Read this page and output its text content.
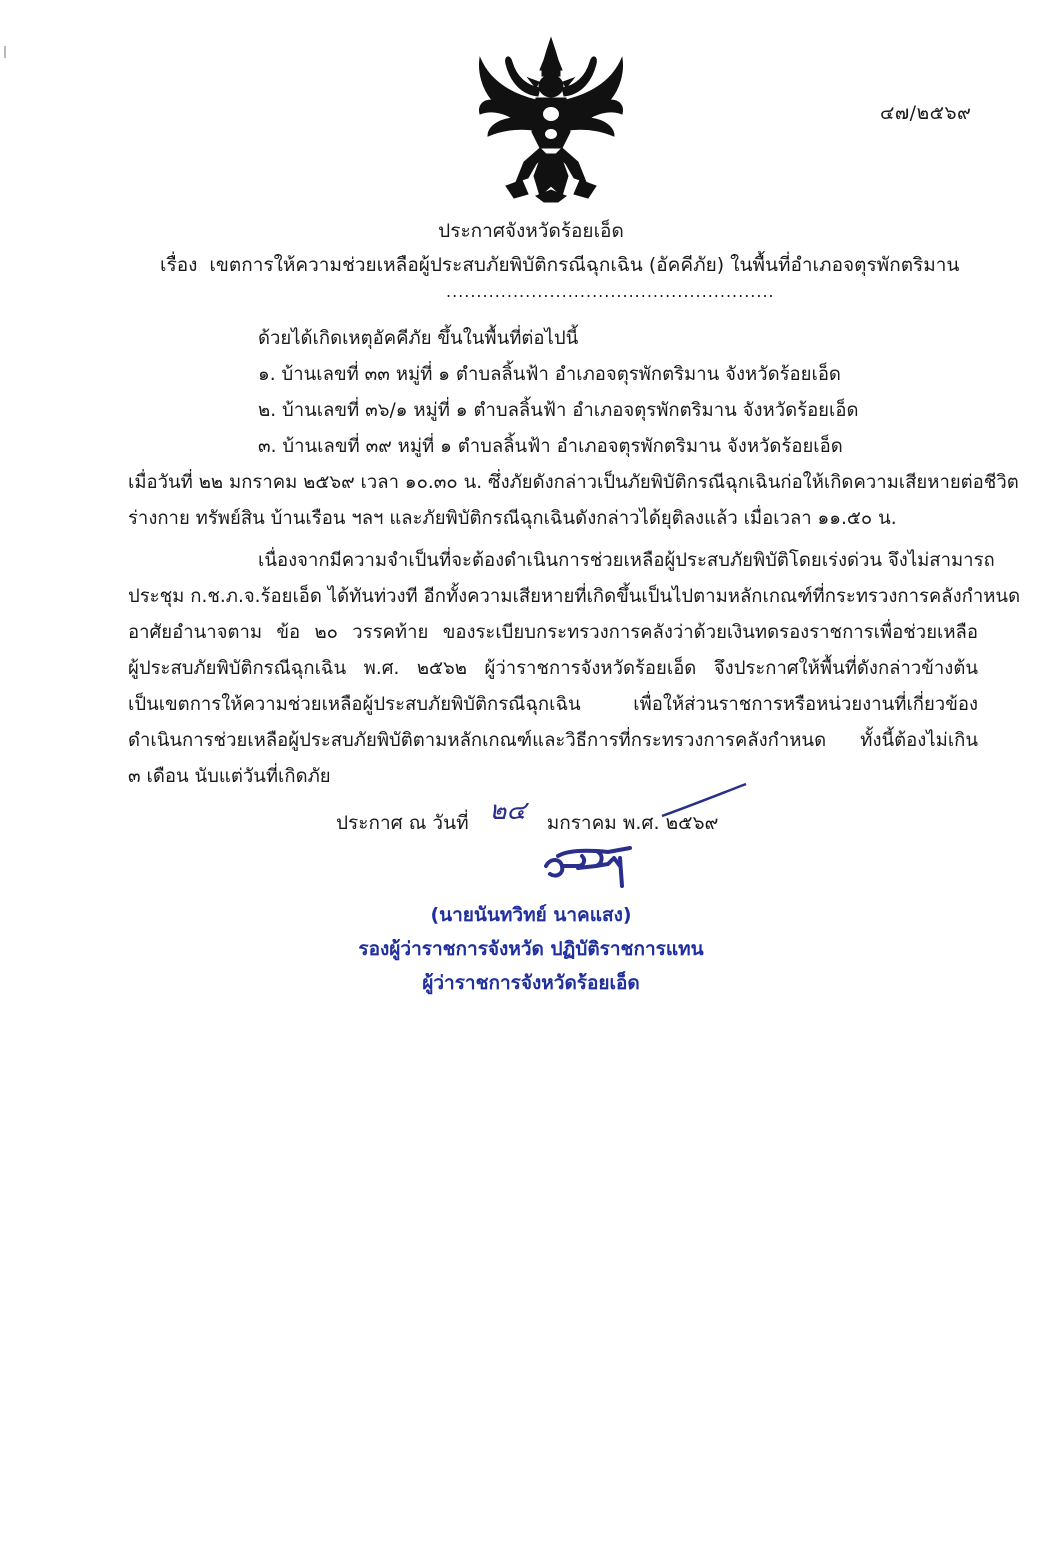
๔๗/๒๕๖๙
ประกาศจังหวัดร้อยเอ็ด
เรื่อง เขตการให้ความช่วยเหลือผู้ประสบภัยพิบัติกรณีฉุกเฉิน (อัคคีภัย) ในพื้นที่อำเภอจตุรพักตริมาน
......................................................
ด้วยได้เกิดเหตุอัคคีภัย ขึ้นในพื้นที่ต่อไปนี้
๑. บ้านเลขที่ ๓๓ หมู่ที่ ๑ ตำบลลิ้นฟ้า อำเภอจตุรพักตริมาน จังหวัดร้อยเอ็ด
๒. บ้านเลขที่ ๓๖/๑ หมู่ที่ ๑ ตำบลลิ้นฟ้า อำเภอจตุรพักตริมาน จังหวัดร้อยเอ็ด
๓. บ้านเลขที่ ๓๙ หมู่ที่ ๑ ตำบลลิ้นฟ้า อำเภอจตุรพักตริมาน จังหวัดร้อยเอ็ด
เมื่อวันที่ ๒๒ มกราคม ๒๕๖๙ เวลา ๑๐.๓๐ น. ซึ่งภัยดังกล่าวเป็นภัยพิบัติกรณีฉุกเฉินก่อให้เกิดความเสียหายต่อชีวิต
ร่างกาย ทรัพย์สิน บ้านเรือน ฯลฯ และภัยพิบัติกรณีฉุกเฉินดังกล่าวได้ยุติลงแล้ว เมื่อเวลา ๑๑.๕๐ น.
เนื่องจากมีความจำเป็นที่จะต้องดำเนินการช่วยเหลือผู้ประสบภัยพิบัติโดยเร่งด่วน จึงไม่สามารถ
ประชุม ก.ช.ภ.จ.ร้อยเอ็ด ได้ทันท่วงที อีกทั้งความเสียหายที่เกิดขึ้นเป็นไปตามหลักเกณฑ์ที่กระทรวงการคลังกำหนด
อาศัยอำนาจตาม ข้อ ๒๐ วรรคท้าย ของระเบียบกระทรวงการคลังว่าด้วยเงินทดรองราชการเพื่อช่วยเหลือ
ผู้ประสบภัยพิบัติกรณีฉุกเฉิน พ.ศ. ๒๕๖๒ ผู้ว่าราชการจังหวัดร้อยเอ็ด จึงประกาศให้พื้นที่ดังกล่าวข้างต้น
เป็นเขตการให้ความช่วยเหลือผู้ประสบภัยพิบัติกรณีฉุกเฉิน เพื่อให้ส่วนราชการหรือหน่วยงานที่เกี่ยวข้อง
ดำเนินการช่วยเหลือผู้ประสบภัยพิบัติตามหลักเกณฑ์และวิธีการที่กระทรวงการคลังกำหนด ทั้งนี้ต้องไม่เกิน
๓ เดือน นับแต่วันที่เกิดภัย
ประกาศ ณ วันที่ ๒๔ มกราคม พ.ศ. ๒๕๖๙
(นายนันทวิทย์ นาคแสง)
รองผู้ว่าราชการจังหวัด ปฏิบัติราชการแทน
ผู้ว่าราชการจังหวัดร้อยเอ็ด
